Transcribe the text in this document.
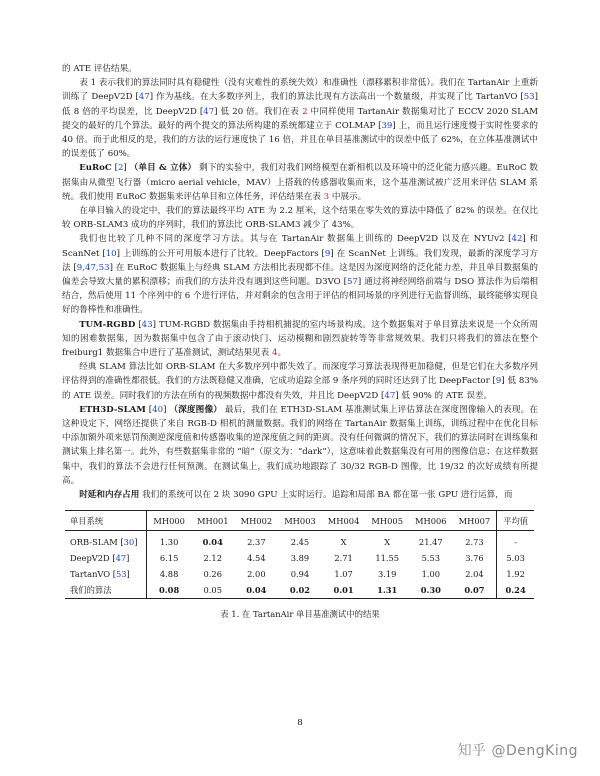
的 ATE 评估结果。

表 1 表示我们的算法同时具有稳健性（没有灾难性的系统失效）和准确性（漂移累积非常低）。我们在 TartanAir 上重新训练了 DeepV2D [47] 作为基线。在大多数序列上，我们的算法比现有方法高出一个数量级，并实现了比 TartanVO [53] 低 8 倍的平均误差，比 DeepV2D [47] 低 20 倍。我们在表 2 中同样使用 TartanAir 数据集对比了 ECCV 2020 SLAM 提交的最好的几个算法。最好的两个提交的算法所构建的系统都建立于 COLMAP [39] 上，而且运行速度慢于实时性要求的 40 倍。而于此相反的是，我们的方法的运行速度快了 16 倍，并且在单目基准测试中的误差中低了 62%，在立体基准测试中的误差低了 60%。

EuRoC [2] （单目 & 立体） 剩下的实验中，我们对我们网络模型在新相机以及环境中的泛化能力感兴趣。EuRoC 数据集由从微型飞行器（micro aerial vehicle，MAV）上搭载的传感器收集而来，这个基准测试被广泛用来评估 SLAM 系统。我们使用 EuRoC 数据集来评估单目和立体任务，评估结果在表 3 中展示。

在单目输入的设定中，我们的算法最终平均 ATE 为 2.2 厘米，这个结果在零失效的算法中降低了 82% 的误差。在仅比较 ORB-SLAM3 成功的序列时，我们的算法比 ORB-SLAM3 减少了 43%。

我们也比较了几种不同的深度学习方法。其与在 TartanAir 数据集上训练的 DeepV2D 以及在 NYUv2 [42] 和 ScanNet [10] 上训练的公开可用版本进行了比较。DeepFactors [9] 在 ScanNet 上训练。我们发现，最新的深度学习方法 [9,47,53] 在 EuRoC 数据集上与经典 SLAM 方法相比表现都不佳。这是因为深度网络的泛化能力差，并且单目数据集的偏差会导致大量的累积漂移；而我们的方法并没有遇到这些问题。D3VO [57] 通过将神经网络前端与 DSO 算法作为后端相结合，然后使用 11 个序列中的 6 个进行评估，并对剩余的包含用于评估的相同场景的序列进行无监督训练，最终能够实现良好的鲁棒性和准确性。

TUM-RGBD [43] TUM-RGBD 数据集由手持相机捕捉的室内场景构成。这个数据集对于单目算法来说是一个众所周知的困难数据集，因为数据集中包含了由于滚动快门、运动模糊和剧烈旋转等等非常规效果。我们只将我们的算法在整个 freiburg1 数据集合中进行了基准测试，测试结果见表 4。

经典 SLAM 算法比如 ORB-SLAM 在大多数序列中都失效了。而深度学习算法表现得更加稳健，但是它们在大多数序列评估得到的准确性都很低。我们的方法既稳健又准确，它成功追踪全部 9 条序列的同时还达到了比 DeepFactor [9] 低 83% 的 ATE 误差。同时我们的方法在所有的视频数据中都没有失效，并且比 DeepV2D [47] 低 90% 的 ATE 误差。

ETH3D-SLAM [40] （深度图像） 最后，我们在 ETH3D-SLAM 基准测试集上评估算法在深度图像输入的表现。在这种设定下，网络还提供了来自 RGB-D 相机的测量数据。我们的网络在 TartanAir 数据集上训练，训练过程中在优化目标中添加额外项来惩罚预测逆深度值和传感器收集的逆深度值之间的距离。没有任何微调的情况下，我们的算法同时在训练集和测试集上排名第一。此外，有些数据集非常的 “暗”（原文为：“dark”），这意味着此数据集没有可用的图像信息；在这样数据集中，我们的算法不会进行任何预测。在测试集上，我们成功地跟踪了 30/32 RGB-D 图像，比 19/32 的次好成绩有所提高。

时延和内存占用 我们的系统可以在 2 块 3090 GPU 上实时运行。追踪和局部 BA 都在第一张 GPU 进行运算，而

单目系统	MH000	MH001	MH002	MH003	MH004	MH005	MH006	MH007	平均值
ORB-SLAM [30]	1.30	0.04	2.37	2.45	X	X	21.47	2.73	-
DeepV2D [47]	6.15	2.12	4.54	3.89	2.71	11.55	5.53	3.76	5.03
TartanVO [53]	4.88	0.26	2.00	0.94	1.07	3.19	1.00	2.04	1.92
我们的算法	0.08	0.05	0.04	0.02	0.01	1.31	0.30	0.07	0.24
表 1. 在 TartanAir 单目基准测试中的结果
8
知乎 @DengKing
